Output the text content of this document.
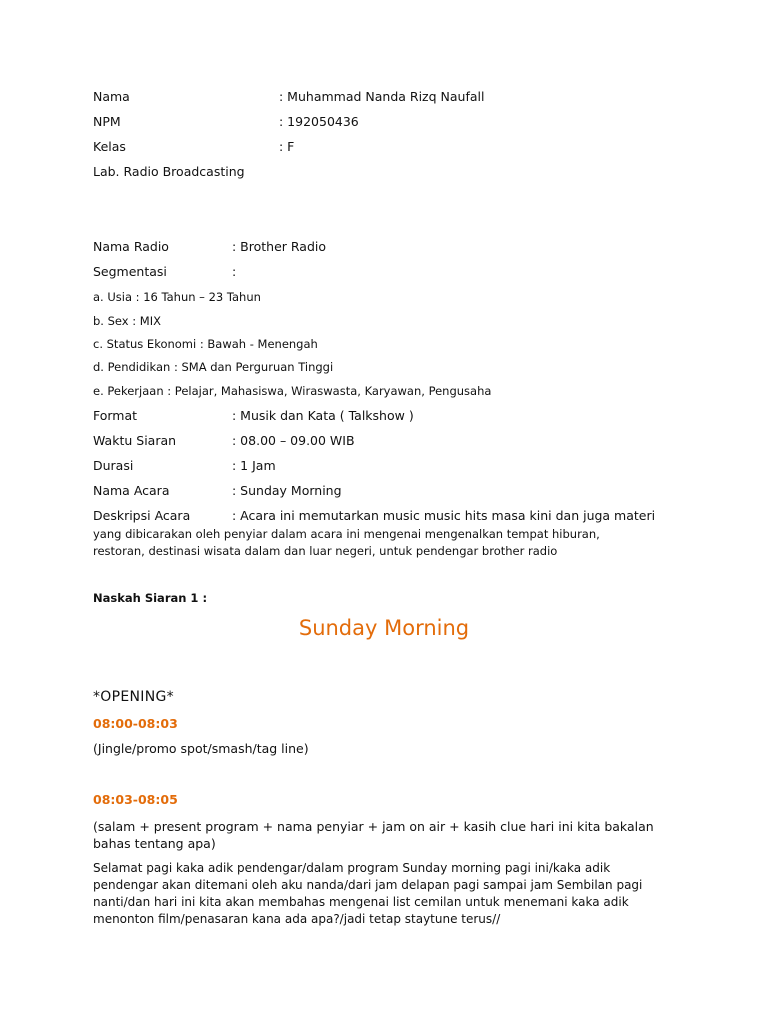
Nama	: Muhammad Nanda Rizq Naufall
NPM	: 192050436
Kelas	: F
Lab. Radio Broadcasting
Nama Radio	: Brother Radio
Segmentasi	:
a. Usia : 16 Tahun – 23 Tahun
b. Sex : MIX
c. Status Ekonomi : Bawah - Menengah
d. Pendidikan : SMA dan Perguruan Tinggi
e. Pekerjaan : Pelajar, Mahasiswa, Wiraswasta, Karyawan, Pengusaha
Format	: Musik dan Kata ( Talkshow )
Waktu Siaran	: 08.00 – 09.00 WIB
Durasi	: 1 Jam
Nama Acara	: Sunday Morning
Deskripsi Acara	: Acara ini memutarkan music music hits masa kini dan juga materi
yang dibicarakan oleh penyiar dalam acara ini mengenai mengenalkan tempat hiburan,
restoran, destinasi wisata dalam dan luar negeri, untuk pendengar brother radio
Naskah Siaran 1 :
Sunday Morning
*OPENING*
08:00-08:03
(Jingle/promo spot/smash/tag line)
08:03-08:05
(salam + present program + nama penyiar + jam on air + kasih clue hari ini kita bakalan bahas tentang apa)
Selamat pagi kaka adik pendengar/dalam program Sunday morning pagi ini/kaka adik pendengar akan ditemani oleh aku nanda/dari jam delapan pagi sampai jam Sembilan pagi nanti/dan hari ini kita akan membahas mengenai list cemilan untuk menemani kaka adik menonton film/penasaran kana ada apa?/jadi tetap staytune terus//
